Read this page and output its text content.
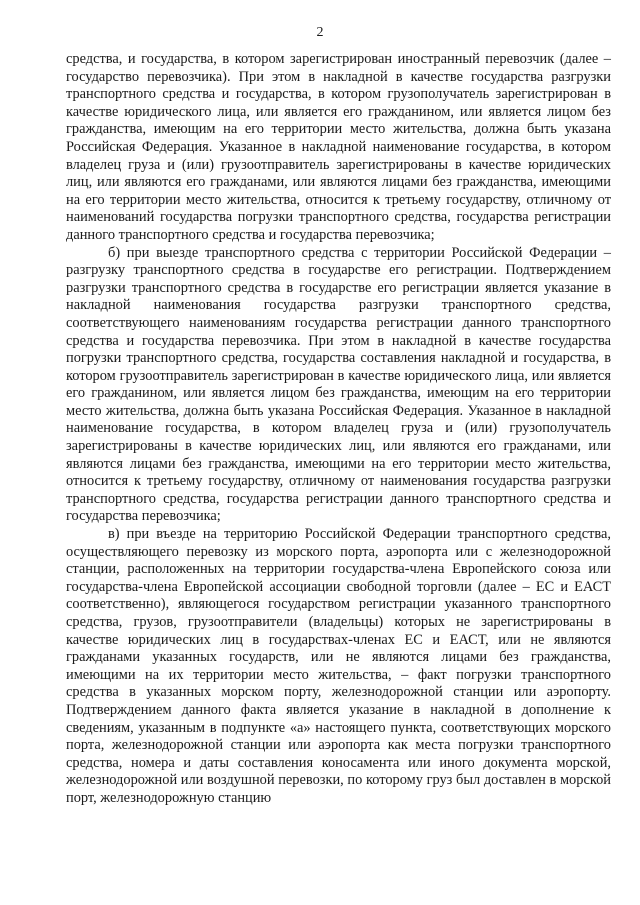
2

средства, и государства, в котором зарегистрирован иностранный перевозчик (далее – государство перевозчика). При этом в накладной в качестве государства разгрузки транспортного средства и государства, в котором грузополучатель зарегистрирован в качестве юридического лица, или является его гражданином, или является лицом без гражданства, имеющим на его территории место жительства, должна быть указана Российская Федерация. Указанное в накладной наименование государства, в котором владелец груза и (или) грузоотправитель зарегистрированы в качестве юридических лиц, или являются его гражданами, или являются лицами без гражданства, имеющими на его территории место жительства, относится к третьему государству, отличному от наименований государства погрузки транспортного средства, государства регистрации данного транспортного средства и государства перевозчика;

б) при выезде транспортного средства с территории Российской Федерации – разгрузку транспортного средства в государстве его регистрации. Подтверждением разгрузки транспортного средства в государстве его регистрации является указание в накладной наименования государства разгрузки транспортного средства, соответствующего наименованиям государства регистрации данного транспортного средства и государства перевозчика. При этом в накладной в качестве государства погрузки транспортного средства, государства составления накладной и государства, в котором грузоотправитель зарегистрирован в качестве юридического лица, или является его гражданином, или является лицом без гражданства, имеющим на его территории место жительства, должна быть указана Российская Федерация. Указанное в накладной наименование государства, в котором владелец груза и (или) грузополучатель зарегистрированы в качестве юридических лиц, или являются его гражданами, или являются лицами без гражданства, имеющими на его территории место жительства, относится к третьему государству, отличному от наименования государства разгрузки транспортного средства, государства регистрации данного транспортного средства и государства перевозчика;

в) при въезде на территорию Российской Федерации транспортного средства, осуществляющего перевозку из морского порта, аэропорта или с железнодорожной станции, расположенных на территории государства-члена Европейского союза или государства-члена Европейской ассоциации свободной торговли (далее – ЕС и ЕАСТ соответственно), являющегося государством регистрации указанного транспортного средства, грузов, грузоотправители (владельцы) которых не зарегистрированы в качестве юридических лиц в государствах-членах ЕС и ЕАСТ, или не являются гражданами указанных государств, или не являются лицами без гражданства, имеющими на их территории место жительства, – факт погрузки транспортного средства в указанных морском порту, железнодорожной станции или аэропорту. Подтверждением данного факта является указание в накладной в дополнение к сведениям, указанным в подпункте «а» настоящего пункта, соответствующих морского порта, железнодорожной станции или аэропорта как места погрузки транспортного средства, номера и даты составления коносамента или иного документа морской, железнодорожной или воздушной перевозки, по которому груз был доставлен в морской порт, железнодорожную станцию
